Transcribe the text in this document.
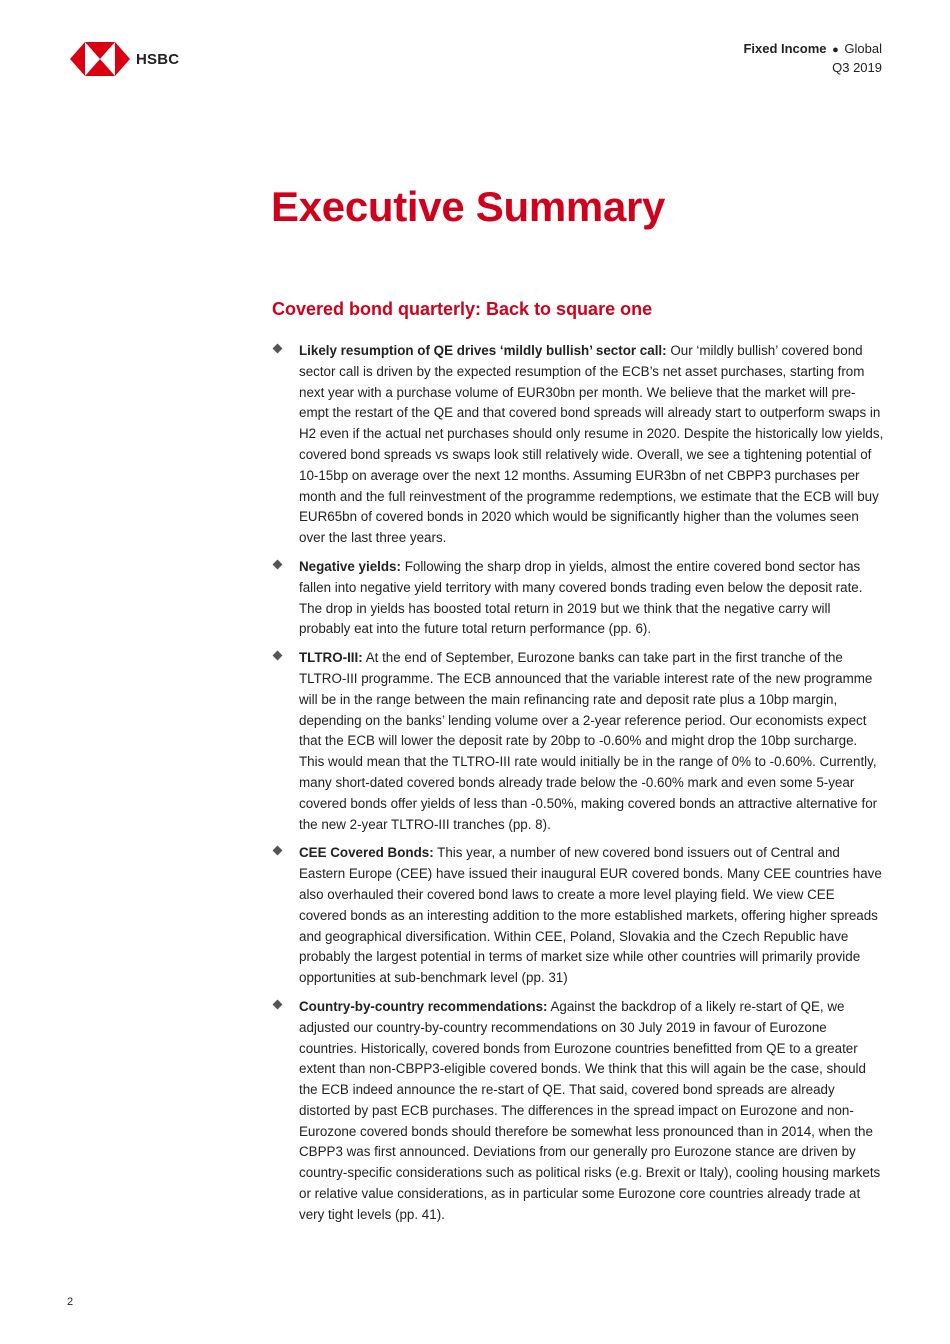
HSBC
Fixed Income ● Global
Q3 2019
Executive Summary
Covered bond quarterly: Back to square one
Likely resumption of QE drives ‘mildly bullish’ sector call: Our ‘mildly bullish’ covered bond sector call is driven by the expected resumption of the ECB’s net asset purchases, starting from next year with a purchase volume of EUR30bn per month. We believe that the market will pre-empt the restart of the QE and that covered bond spreads will already start to outperform swaps in H2 even if the actual net purchases should only resume in 2020. Despite the historically low yields, covered bond spreads vs swaps look still relatively wide. Overall, we see a tightening potential of 10-15bp on average over the next 12 months. Assuming EUR3bn of net CBPP3 purchases per month and the full reinvestment of the programme redemptions, we estimate that the ECB will buy EUR65bn of covered bonds in 2020 which would be significantly higher than the volumes seen over the last three years.
Negative yields: Following the sharp drop in yields, almost the entire covered bond sector has fallen into negative yield territory with many covered bonds trading even below the deposit rate. The drop in yields has boosted total return in 2019 but we think that the negative carry will probably eat into the future total return performance (pp. 6).
TLTRO-III: At the end of September, Eurozone banks can take part in the first tranche of the TLTRO-III programme. The ECB announced that the variable interest rate of the new programme will be in the range between the main refinancing rate and deposit rate plus a 10bp margin, depending on the banks’ lending volume over a 2-year reference period. Our economists expect that the ECB will lower the deposit rate by 20bp to -0.60% and might drop the 10bp surcharge. This would mean that the TLTRO-III rate would initially be in the range of 0% to -0.60%. Currently, many short-dated covered bonds already trade below the -0.60% mark and even some 5-year covered bonds offer yields of less than -0.50%, making covered bonds an attractive alternative for the new 2-year TLTRO-III tranches (pp. 8).
CEE Covered Bonds: This year, a number of new covered bond issuers out of Central and Eastern Europe (CEE) have issued their inaugural EUR covered bonds. Many CEE countries have also overhauled their covered bond laws to create a more level playing field. We view CEE covered bonds as an interesting addition to the more established markets, offering higher spreads and geographical diversification. Within CEE, Poland, Slovakia and the Czech Republic have probably the largest potential in terms of market size while other countries will primarily provide opportunities at sub-benchmark level (pp. 31)
Country-by-country recommendations: Against the backdrop of a likely re-start of QE, we adjusted our country-by-country recommendations on 30 July 2019 in favour of Eurozone countries. Historically, covered bonds from Eurozone countries benefitted from QE to a greater extent than non-CBPP3-eligible covered bonds. We think that this will again be the case, should the ECB indeed announce the re-start of QE. That said, covered bond spreads are already distorted by past ECB purchases. The differences in the spread impact on Eurozone and non-Eurozone covered bonds should therefore be somewhat less pronounced than in 2014, when the CBPP3 was first announced. Deviations from our generally pro Eurozone stance are driven by country-specific considerations such as political risks (e.g. Brexit or Italy), cooling housing markets or relative value considerations, as in particular some Eurozone core countries already trade at very tight levels (pp. 41).
2
